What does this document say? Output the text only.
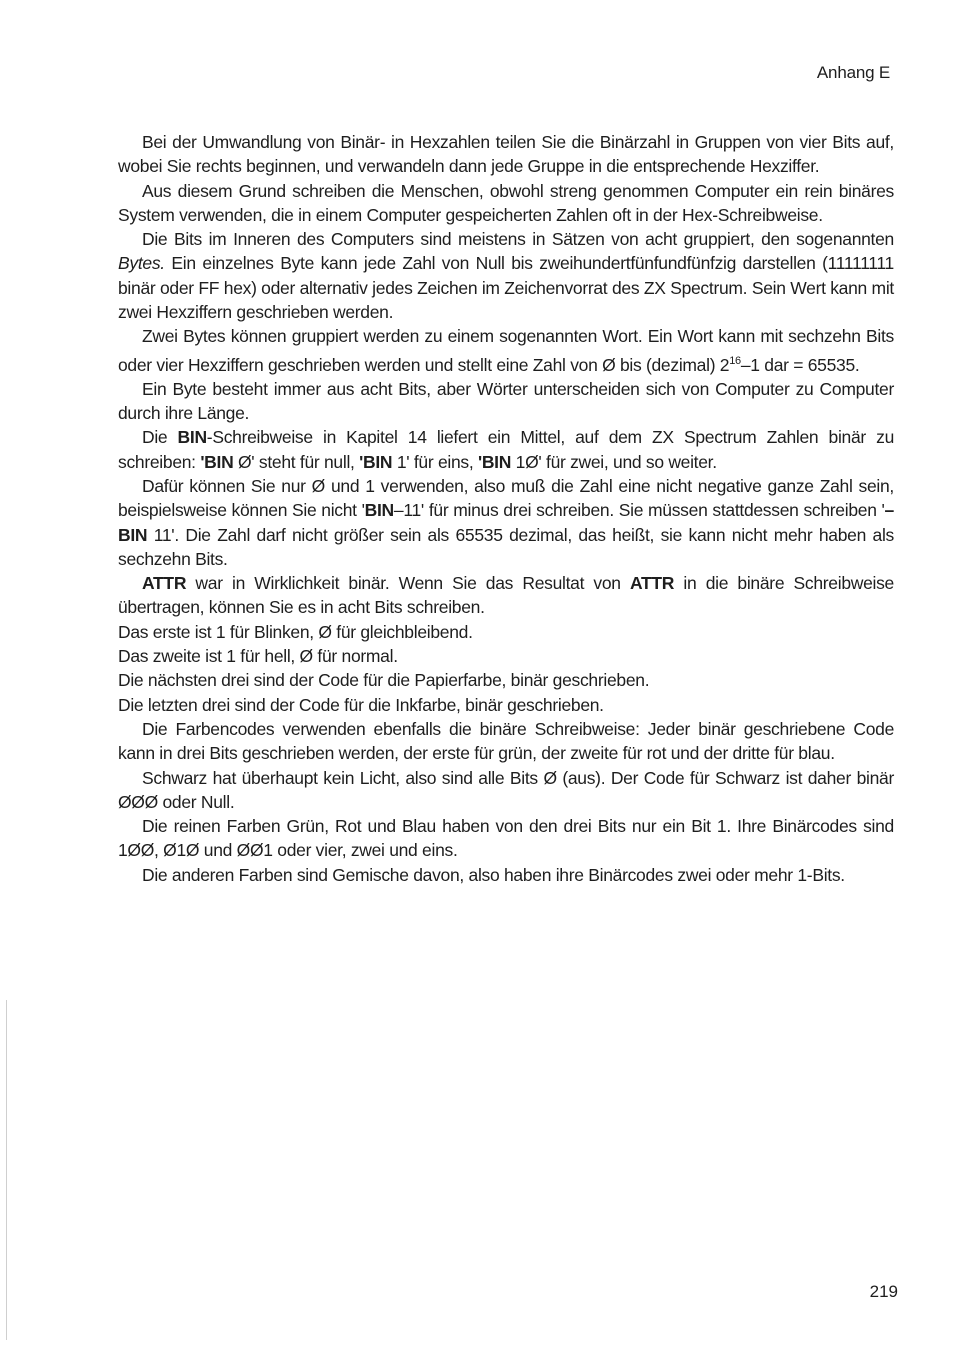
Anhang E

Bei der Umwandlung von Binär- in Hexzahlen teilen Sie die Binärzahl in Gruppen von vier Bits auf, wobei Sie rechts beginnen, und verwandeln dann jede Gruppe in die entsprechende Hexziffer.

Aus diesem Grund schreiben die Menschen, obwohl streng genommen Computer ein rein binäres System verwenden, die in einem Computer gespeicherten Zahlen oft in der Hex-Schreibweise.

Die Bits im Inneren des Computers sind meistens in Sätzen von acht gruppiert, den sogenannten Bytes. Ein einzelnes Byte kann jede Zahl von Null bis zweihundertfünfundfünfzig darstellen (11111111 binär oder FF hex) oder alternativ jedes Zeichen im Zeichenvorrat des ZX Spectrum. Sein Wert kann mit zwei Hexziffern geschrieben werden.

Zwei Bytes können gruppiert werden zu einem sogenannten Wort. Ein Wort kann mit sechzehn Bits oder vier Hexziffern geschrieben werden und stellt eine Zahl von Ø bis (dezimal) $2^{16}-1$ dar = 65535.

Ein Byte besteht immer aus acht Bits, aber Wörter unterscheiden sich von Computer zu Computer durch ihre Länge.

Die BIN-Schreibweise in Kapitel 14 liefert ein Mittel, auf dem ZX Spectrum Zahlen binär zu schreiben: 'BIN Ø' steht für null, 'BIN 1' für eins, 'BIN 1Ø' für zwei, und so weiter.

Dafür können Sie nur Ø und 1 verwenden, also muß die Zahl eine nicht negative ganze Zahl sein, beispielsweise können Sie nicht 'BIN–11' für minus drei schreiben. Sie müssen stattdessen schreiben '–BIN 11'. Die Zahl darf nicht größer sein als 65535 dezimal, das heißt, sie kann nicht mehr haben als sechzehn Bits.

ATTR war in Wirklichkeit binär. Wenn Sie das Resultat von ATTR in die binäre Schreibweise übertragen, können Sie es in acht Bits schreiben.

Das erste ist 1 für Blinken, Ø für gleichbleibend.

Das zweite ist 1 für hell, Ø für normal.

Die nächsten drei sind der Code für die Papierfarbe, binär geschrieben.

Die letzten drei sind der Code für die Inkfarbe, binär geschrieben.

Die Farbencodes verwenden ebenfalls die binäre Schreibweise: Jeder binär geschriebene Code kann in drei Bits geschrieben werden, der erste für grün, der zweite für rot und der dritte für blau.

Schwarz hat überhaupt kein Licht, also sind alle Bits Ø (aus). Der Code für Schwarz ist daher binär ØØØ oder Null.

Die reinen Farben Grün, Rot und Blau haben von den drei Bits nur ein Bit 1. Ihre Binärcodes sind 1ØØ, Ø1Ø und ØØ1 oder vier, zwei und eins.

Die anderen Farben sind Gemische davon, also haben ihre Binärcodes zwei oder mehr 1-Bits.

219
